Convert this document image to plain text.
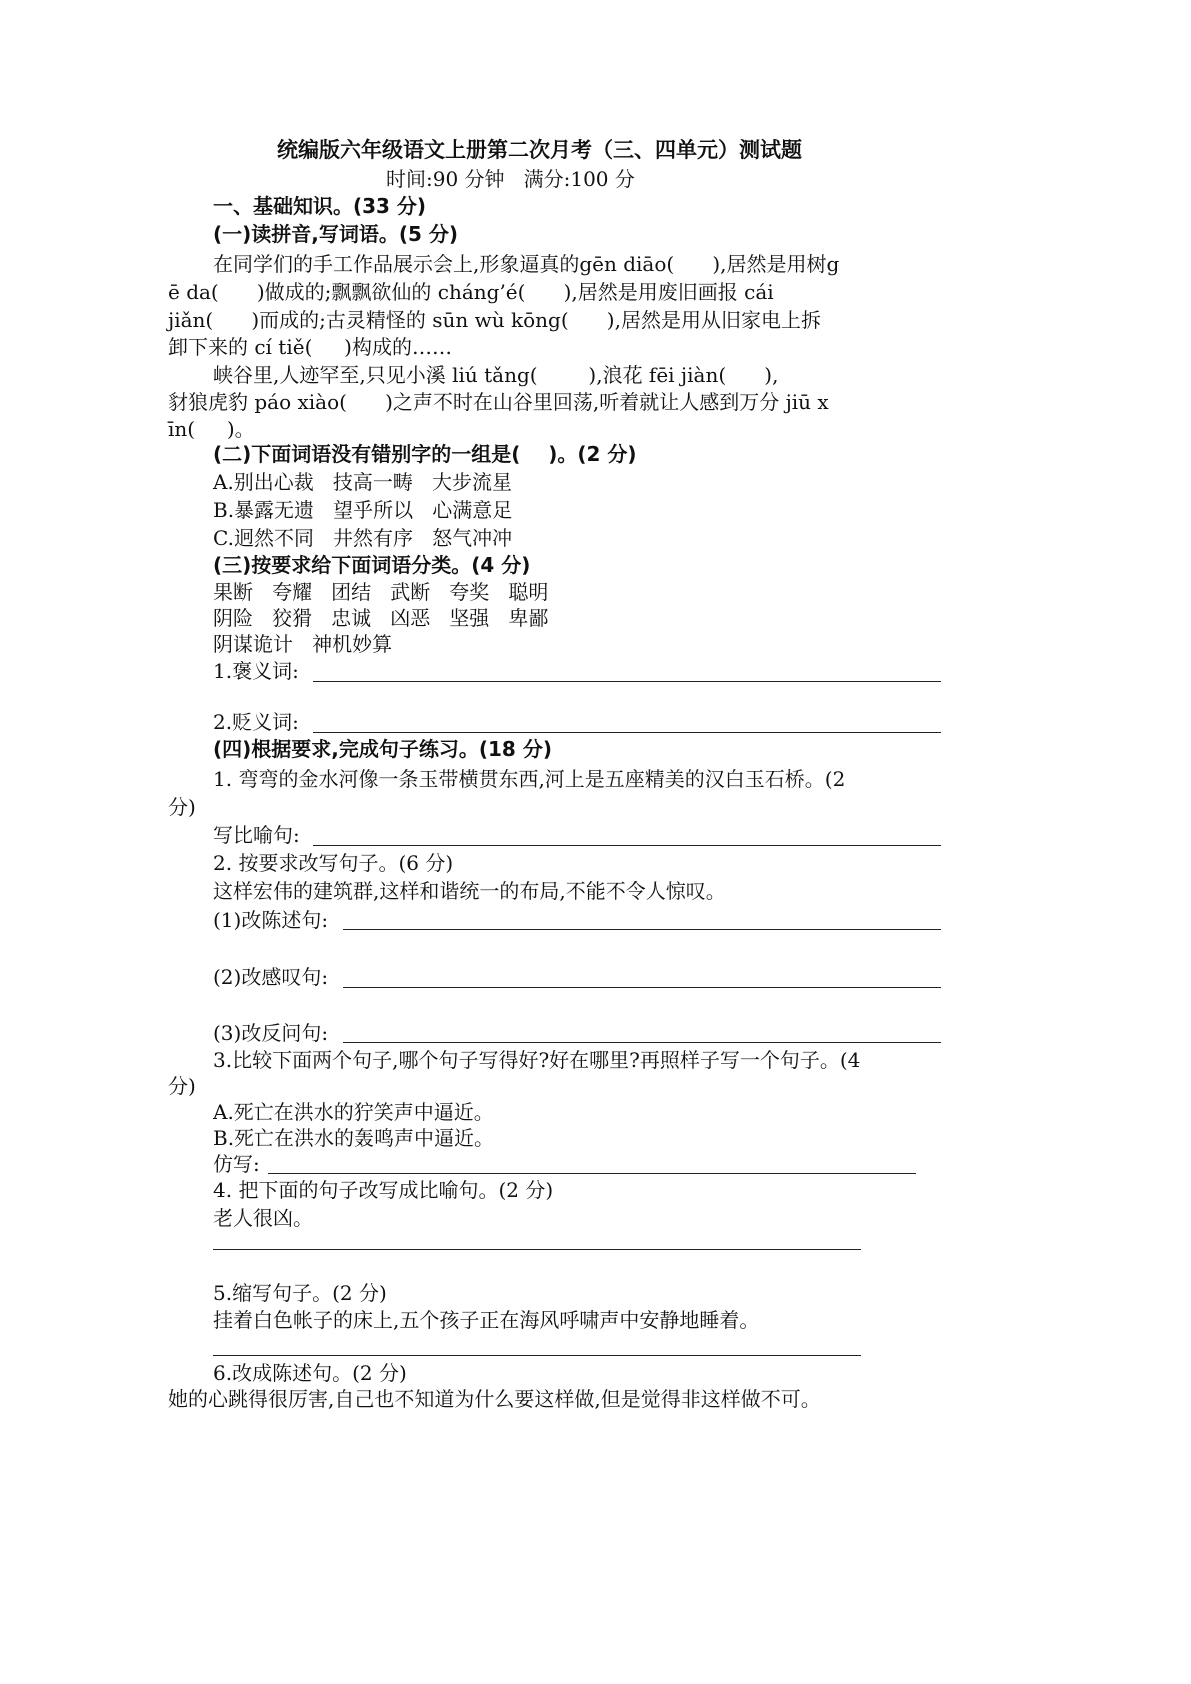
统编版六年级语文上册第二次月考（三、四单元）测试题
时间:90 分钟   满分:100 分
一、基础知识。(33 分)
(一)读拼音,写词语。(5 分)
在同学们的手工作品展示会上,形象逼真的gēn diāo(      ),居然是用树g
ē da(      )做成的;飘飘欲仙的 cháng’é(      ),居然是用废旧画报 cái
jiǎn(      )而成的;古灵精怪的 sūn wù kōng(      ),居然是用从旧家电上拆
卸下来的 cí tiě(     )构成的……
峡谷里,人迹罕至,只见小溪 liú tǎng(        ),浪花 fēi jiàn(      ),
豺狼虎豹 páo xiào(      )之声不时在山谷里回荡,听着就让人感到万分 jiū x
īn(     )。
(二)下面词语没有错别字的一组是(    )。(2 分)
A.别出心裁   技高一畴   大步流星
B.暴露无遗   望乎所以   心满意足
C.迥然不同   井然有序   怒气冲冲
(三)按要求给下面词语分类。(4 分)
果断   夸耀   团结   武断   夸奖   聪明
阴险   狡猾   忠诚   凶恶   坚强   卑鄙
阴谋诡计   神机妙算
1.褒义词:
2.贬义词:
(四)根据要求,完成句子练习。(18 分)
1. 弯弯的金水河像一条玉带横贯东西,河上是五座精美的汉白玉石桥。(2
分)
写比喻句:
2. 按要求改写句子。(6 分)
这样宏伟的建筑群,这样和谐统一的布局,不能不令人惊叹。
(1)改陈述句:
(2)改感叹句:
(3)改反问句:
3.比较下面两个句子,哪个句子写得好?好在哪里?再照样子写一个句子。(4
分)
A.死亡在洪水的狞笑声中逼近。
B.死亡在洪水的轰鸣声中逼近。
仿写:
4. 把下面的句子改写成比喻句。(2 分)
老人很凶。
5.缩写句子。(2 分)
挂着白色帐子的床上,五个孩子正在海风呼啸声中安静地睡着。
6.改成陈述句。(2 分)
她的心跳得很厉害,自己也不知道为什么要这样做,但是觉得非这样做不可。
